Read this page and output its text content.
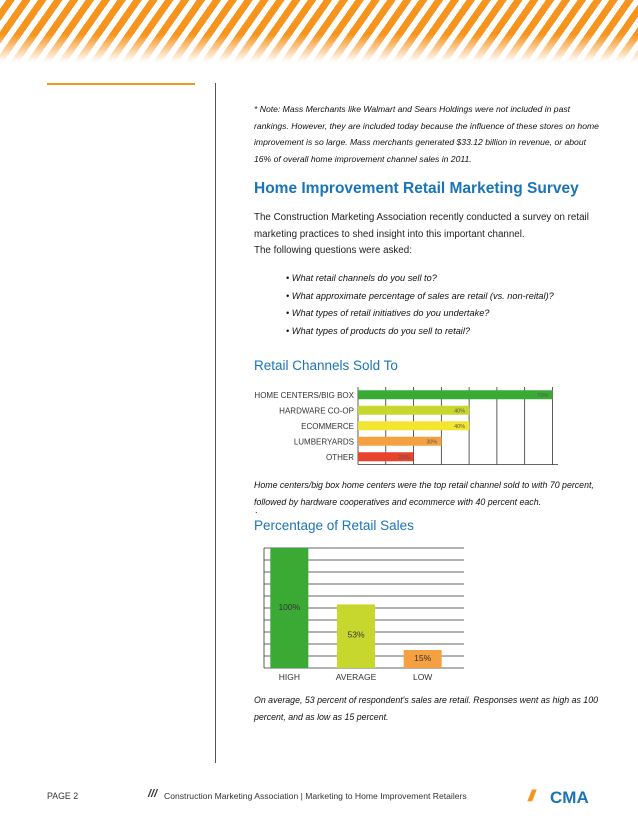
* Note: Mass Merchants like Walmart and Sears Holdings were not included in past rankings. However, they are included today because the influence of these stores on home improvement is so large. Mass merchants generated $33.12 billion in revenue, or about 16% of overall home improvement channel sales in 2011.
Home Improvement Retail Marketing Survey
The Construction Marketing Association recently conducted a survey on retail marketing practices to shed insight into this important channel.
The following questions were asked:
• What retail channels do you sell to?
• What approximate percentage of sales are retail (vs. non-reital)?
• What types of retail initiatives do you undertake?
• What types of products do you sell to retail?
Retail Channels Sold To
HOME CENTERS/BIG BOX	70%
HARDWARE CO-OP	40%
ECOMMERCE	40%
LUMBERYARDS	30%
OTHER	20%
Home centers/big box home centers were the top retail channel sold to with 70 percent, followed by hardware cooperatives and ecommerce with 40 percent each.
.
Percentage of Retail Sales
100%
HIGH
53%
AVERAGE
15%
LOW
On average, 53 percent of respondent's sales are retail. Responses went as high as 100 percent, and as low as 15 percent.
PAGE 2	/// Construction Marketing Association | Marketing to Home Improvement Retailers	/// CMA
